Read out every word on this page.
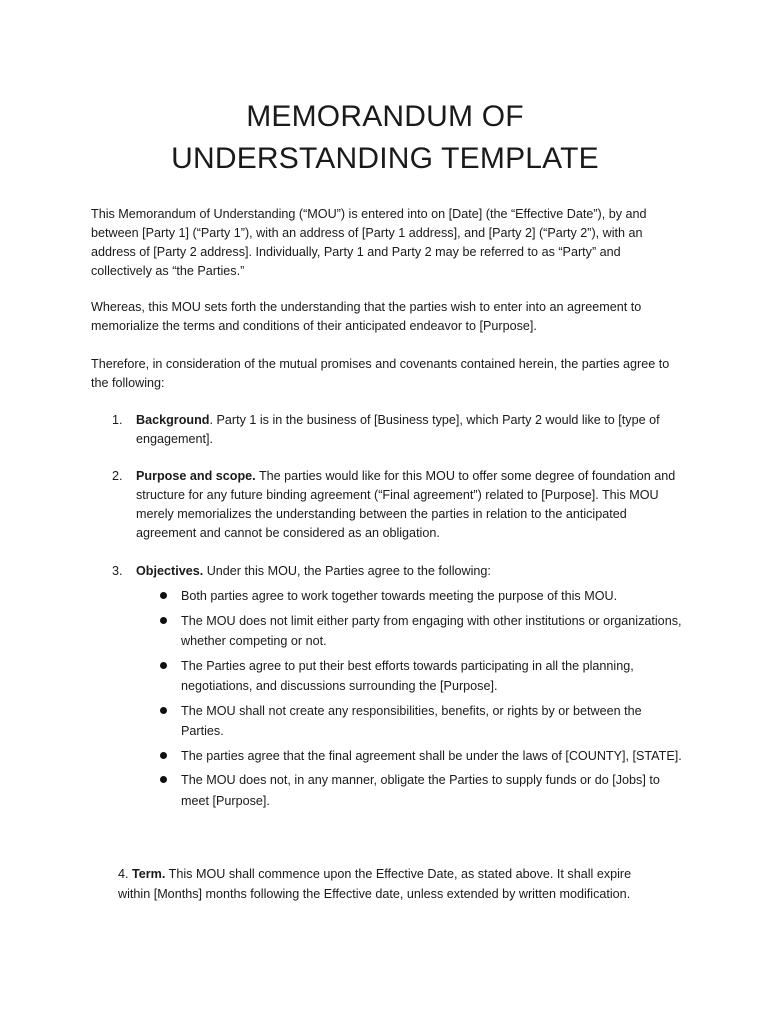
MEMORANDUM OF
UNDERSTANDING TEMPLATE

This Memorandum of Understanding (“MOU”) is entered into on [Date] (the “Effective Date”), by and between [Party 1] (“Party 1”), with an address of [Party 1 address], and [Party 2] (“Party 2”), with an address of [Party 2 address]. Individually, Party 1 and Party 2 may be referred to as “Party” and collectively as “the Parties.”

Whereas, this MOU sets forth the understanding that the parties wish to enter into an agreement to memorialize the terms and conditions of their anticipated endeavor to [Purpose].

Therefore, in consideration of the mutual promises and covenants contained herein, the parties agree to the following:

1.	Background. Party 1 is in the business of [Business type], which Party 2 would like to [type of engagement].
2.	Purpose and scope. The parties would like for this MOU to offer some degree of foundation and structure for any future binding agreement (“Final agreement”) related to [Purpose]. This MOU merely memorializes the understanding between the parties in relation to the anticipated agreement and cannot be considered as an obligation.
3.	Objectives. Under this MOU, the Parties agree to the following:
Both parties agree to work together towards meeting the purpose of this MOU.
The MOU does not limit either party from engaging with other institutions or organizations, whether competing or not.
The Parties agree to put their best efforts towards participating in all the planning, negotiations, and discussions surrounding the [Purpose].
The MOU shall not create any responsibilities, benefits, or rights by or between the Parties.
The parties agree that the final agreement shall be under the laws of [COUNTY], [STATE].
The MOU does not, in any manner, obligate the Parties to supply funds or do [Jobs] to meet [Purpose].

4. Term. This MOU shall commence upon the Effective Date, as stated above. It shall expire within [Months] months following the Effective date, unless extended by written modification.
